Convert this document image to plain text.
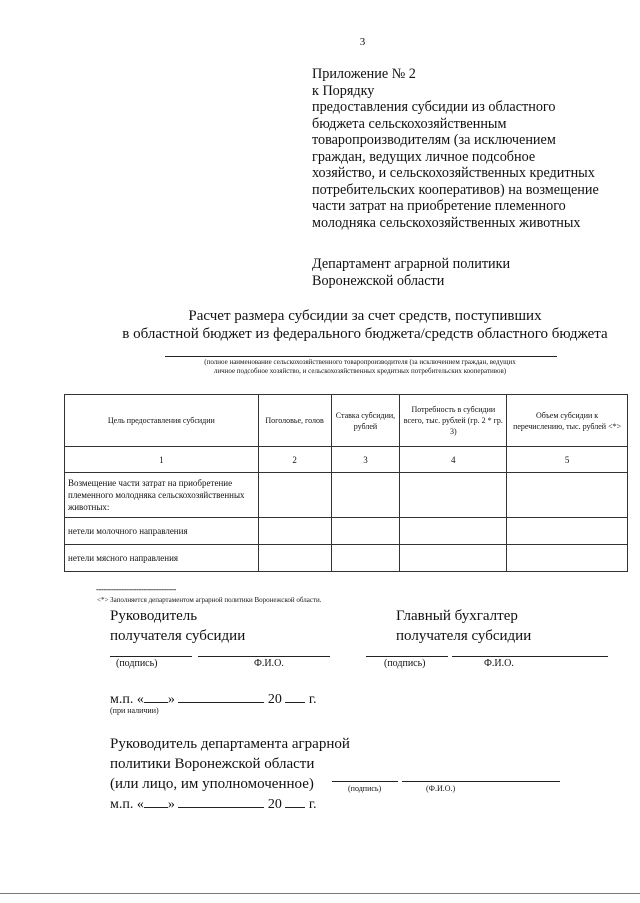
3
Приложение № 2
к Порядку
предоставления субсидии из областного
бюджета сельскохозяйственным
товаропроизводителям (за исключением
граждан, ведущих личное подсобное
хозяйство, и сельскохозяйственных кредитных
потребительских кооперативов) на возмещение
части затрат на приобретение племенного
молодняка сельскохозяйственных животных
Департамент аграрной политики
Воронежской области
Расчет размера субсидии за счет средств, поступивших
в областной бюджет из федерального бюджета/средств областного бюджета
(полное наименование сельскохозяйственного товаропроизводителя (за исключением граждан, ведущих
личное подсобное хозяйство, и сельскохозяйственных кредитных потребительских кооперативов)
Цель предоставления субсидии	Поголовье, голов	Ставка субсидии, рублей	Потребность в субсидии всего, тыс. рублей (гр. 2 * гр. 3)	Объем субсидии к перечислению, тыс. рублей <*>
1	2	3	4	5
Возмещение части затрат на приобретение племенного молодняка сельскохозяйственных животных:				
нетели молочного направления				
нетели мясного направления				
--------------------------------
<*> Заполняется департаментом аграрной политики Воронежской области.
Руководитель
получателя субсидии
Главный бухгалтер
получателя субсидии
(подпись)	Ф.И.О.	(подпись)	Ф.И.О.
м.п. « »	20 г.
(при наличии)
Руководитель департамента аграрной
политики Воронежской области
(или лицо, им уполномоченное)	(подпись)	(Ф.И.О.)
м.п. « »	20 г.
